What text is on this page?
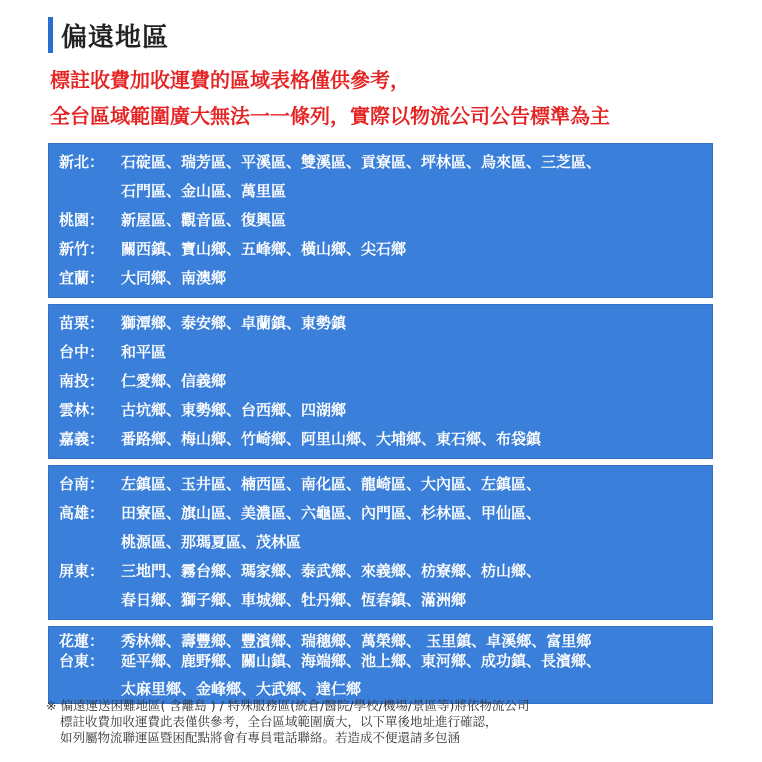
偏遠地區
標註收費加收運費的區域表格僅供參考，
全台區域範圍廣大無法一一條列，實際以物流公司公告標準為主
新北：	石碇區、瑞芳區、平溪區、雙溪區、貢寮區、坪林區、烏來區、三芝區、
石門區、金山區、萬里區
桃園：	新屋區、觀音區、復興區
新竹：	關西鎮、寶山鄉、五峰鄉、橫山鄉、尖石鄉
宜蘭：	大同鄉、南澳鄉
苗栗：	獅潭鄉、泰安鄉、卓蘭鎮、東勢鎮
台中：	和平區
南投：	仁愛鄉、信義鄉
雲林：	古坑鄉、東勢鄉、台西鄉、四湖鄉
嘉義：	番路鄉、梅山鄉、竹崎鄉、阿里山鄉、大埔鄉、東石鄉、布袋鎮
台南：	左鎮區、玉井區、楠西區、南化區、龍崎區、大內區、左鎮區、
高雄：	田寮區、旗山區、美濃區、六龜區、內門區、杉林區、甲仙區、
桃源區、那瑪夏區、茂林區
屏東：	三地門、霧台鄉、瑪家鄉、泰武鄉、來義鄉、枋寮鄉、枋山鄉、
春日鄉、獅子鄉、車城鄉、牡丹鄉、恆春鎮、滿洲鄉
花蓮：	秀林鄉、壽豐鄉、豐濱鄉、瑞穗鄉、萬榮鄉、 玉里鎮、卓溪鄉、富里鄉
台東：	延平鄉、鹿野鄉、關山鎮、海端鄉、池上鄉、東河鄉、成功鎮、長濱鄉、
太麻里鄉、金峰鄉、大武鄉、達仁鄉
※ 偏遠運送困難地區( 含離島 ) / 特殊服務區(統倉/醫院/學校/機場/景區等)將依物流公司
標註收費加收運費此表僅供參考，全台區域範圍廣大，以下單後地址進行確認，
如列屬物流聯運區暨困配點將會有專員電話聯絡。若造成不便還請多包涵
